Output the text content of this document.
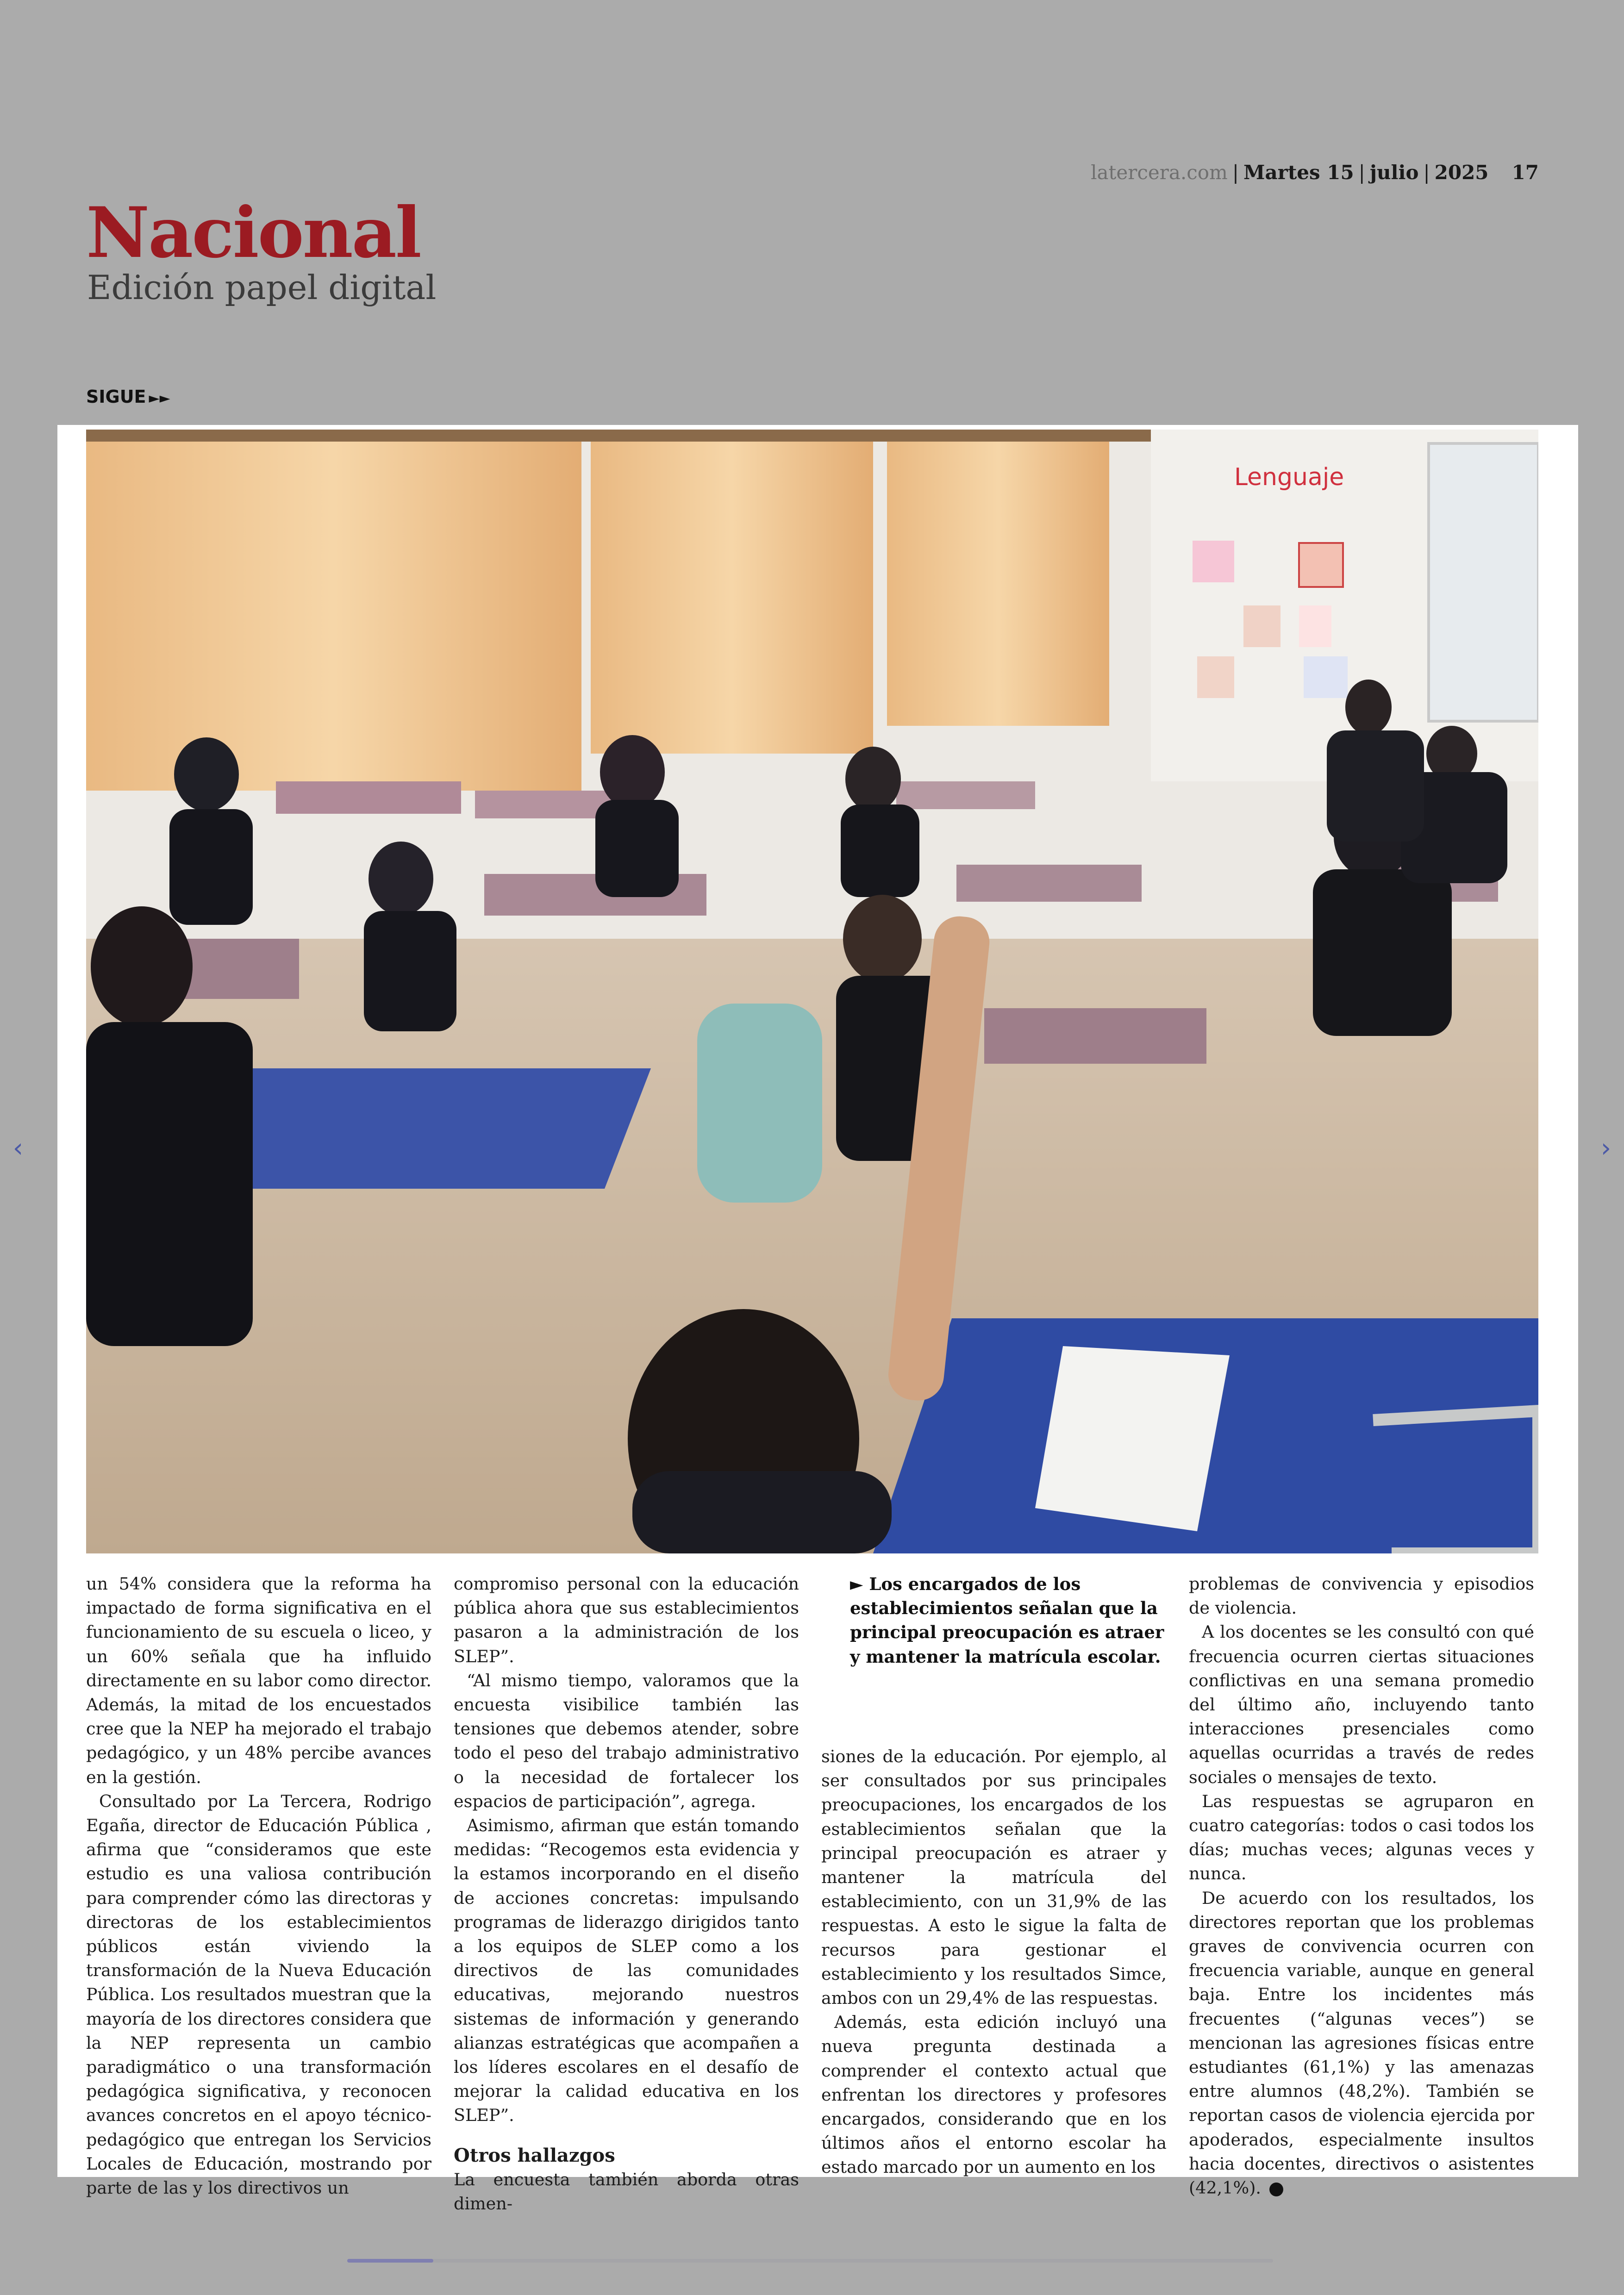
latercera.com | Martes 15 | julio | 2025 17
Nacional
Edición papel digital
SIGUE ►►
Lenguaje

un 54% considera que la reforma ha impactado de forma significativa en el funcionamiento de su escuela o liceo, y un 60% señala que ha influido directamente en su labor como director. Además, la mitad de los encuestados cree que la NEP ha mejorado el trabajo pedagógico, y un 48% percibe avances en la gestión.

Consultado por La Tercera, Rodrigo Egaña, director de Educación Pública , afirma que “consideramos que este estudio es una valiosa contribución para comprender cómo las directoras y directoras de los establecimientos públicos están viviendo la transformación de la Nueva Educación Pública. Los resultados muestran que la mayoría de los directores considera que la NEP representa un cambio paradigmático o una transformación pedagógica significativa, y reconocen avances concretos en el apoyo técnico-pedagógico que entregan los Servicios Locales de Educación, mostrando por parte de las y los directivos un

compromiso personal con la educación pública ahora que sus establecimientos pasaron a la administración de los SLEP”.

“Al mismo tiempo, valoramos que la encuesta visibilice también las tensiones que debemos atender, sobre todo el peso del trabajo administrativo o la necesidad de fortalecer los espacios de participación”, agrega.

Asimismo, afirman que están tomando medidas: “Recogemos esta evidencia y la estamos incorporando en el diseño de acciones concretas: impulsando programas de liderazgo dirigidos tanto a los equipos de SLEP como a los directivos de las comunidades educativas, mejorando nuestros sistemas de información y generando alianzas estratégicas que acompañen a los líderes escolares en el desafío de mejorar la calidad educativa en los SLEP”.

Otros hallazgos

La encuesta también aborda otras dimen-

► Los encargados de los establecimientos señalan que la principal preocupación es atraer y mantener la matrícula escolar.

siones de la educación. Por ejemplo, al ser consultados por sus principales preocupaciones, los encargados de los establecimientos señalan que la principal preocupación es atraer y mantener la matrícula del establecimiento, con un 31,9% de las respuestas. A esto le sigue la falta de recursos para gestionar el establecimiento y los resultados Simce, ambos con un 29,4% de las respuestas.

Además, esta edición incluyó una nueva pregunta destinada a comprender el contexto actual que enfrentan los directores y profesores encargados, considerando que en los últimos años el entorno escolar ha estado marcado por un aumento en los

problemas de convivencia y episodios de violencia.

A los docentes se les consultó con qué frecuencia ocurren ciertas situaciones conflictivas en una semana promedio del último año, incluyendo tanto interacciones presenciales como aquellas ocurridas a través de redes sociales o mensajes de texto.

Las respuestas se agruparon en cuatro categorías: todos o casi todos los días; muchas veces; algunas veces y nunca.

De acuerdo con los resultados, los directores reportan que los problemas graves de convivencia ocurren con frecuencia variable, aunque en general baja. Entre los incidentes más frecuentes (“algunas veces”) se mencionan las agresiones físicas entre estudiantes (61,1%) y las amenazas entre alumnos (48,2%). También se reportan casos de violencia ejercida por apoderados, especialmente insultos hacia docentes, directivos o asistentes (42,1%).

‹	›
